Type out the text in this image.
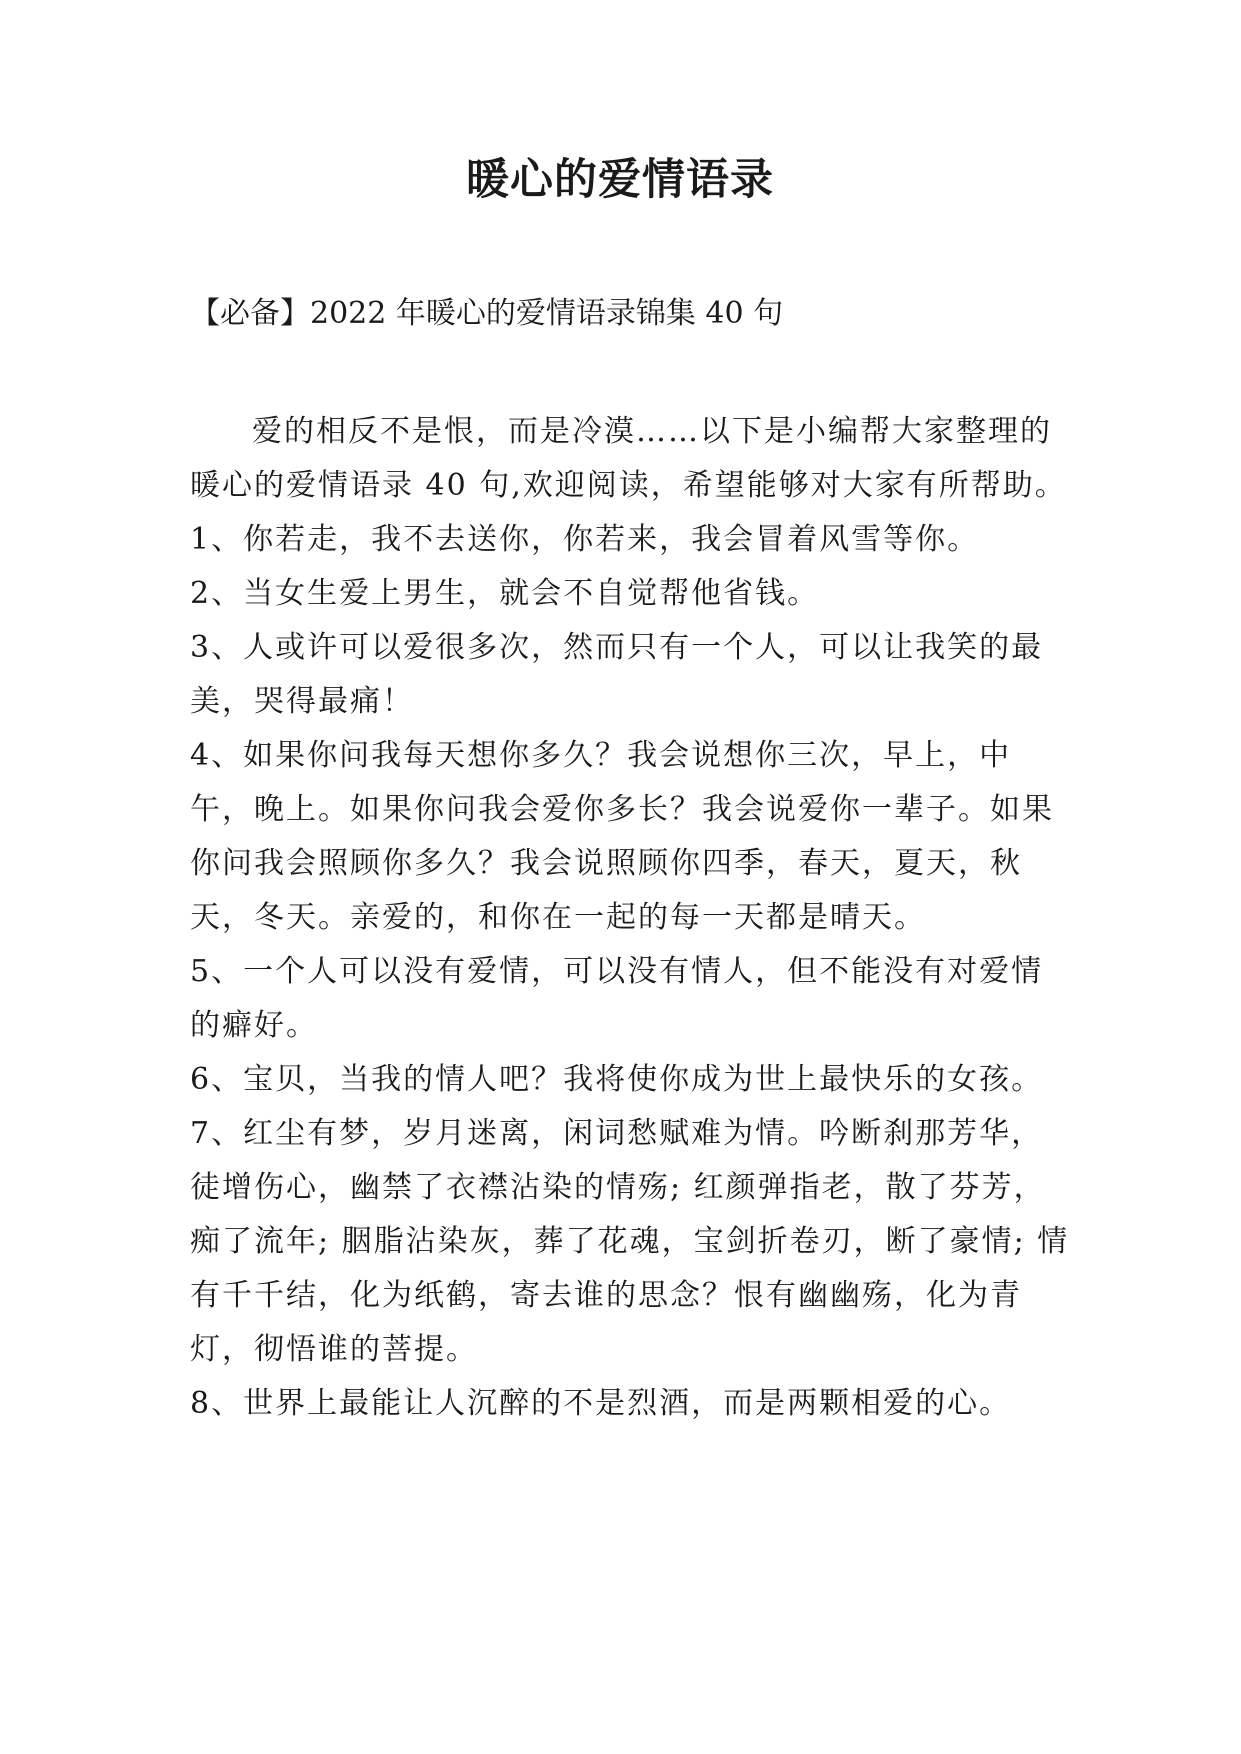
暖心的爱情语录
【必备】2022 年暖心的爱情语录锦集 40 句

爱的相反不是恨，而是冷漠……以下是小编帮大家整理的暖心的爱情语录 40 句,欢迎阅读，希望能够对大家有所帮助。

1、你若走，我不去送你，你若来，我会冒着风雪等你。

2、当女生爱上男生，就会不自觉帮他省钱。

3、人或许可以爱很多次，然而只有一个人，可以让我笑的最美，哭得最痛！

4、如果你问我每天想你多久？我会说想你三次，早上，中午，晚上。如果你问我会爱你多长？我会说爱你一辈子。如果你问我会照顾你多久？我会说照顾你四季，春天，夏天，秋天，冬天。亲爱的，和你在一起的每一天都是晴天。

5、一个人可以没有爱情，可以没有情人，但不能没有对爱情的癖好。

6、宝贝，当我的情人吧？我将使你成为世上最快乐的女孩。

7、红尘有梦，岁月迷离，闲词愁赋难为情。吟断刹那芳华，徒增伤心，幽禁了衣襟沾染的情殇; 红颜弹指老，散了芬芳，痴了流年; 胭脂沾染灰，葬了花魂，宝剑折卷刃，断了豪情; 情有千千结，化为纸鹤，寄去谁的思念？恨有幽幽殇，化为青灯，彻悟谁的菩提。

8、世界上最能让人沉醉的不是烈酒，而是两颗相爱的心。
